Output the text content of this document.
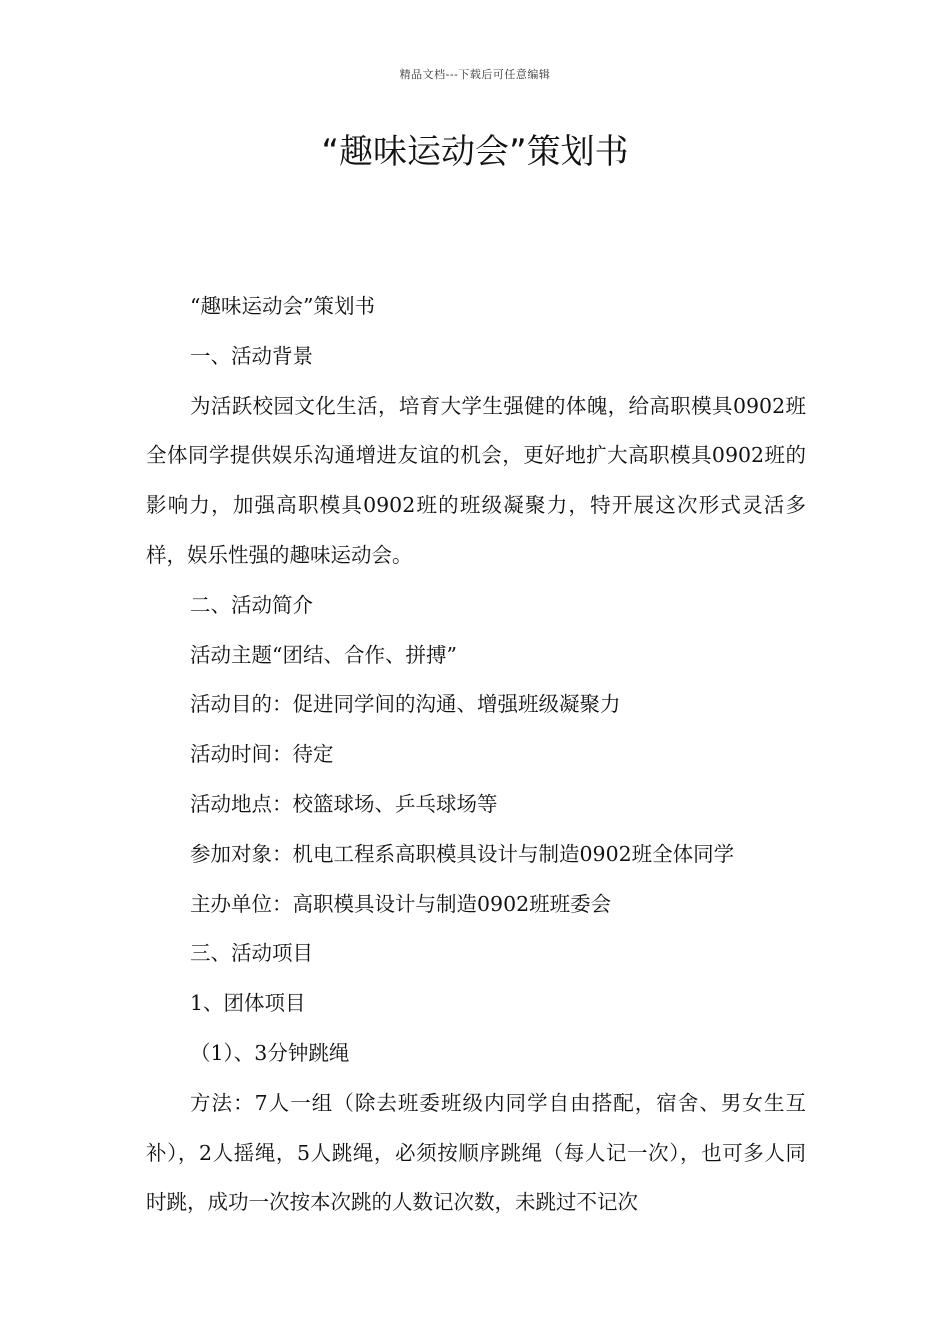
精品文档---下载后可任意编辑
“趣味运动会”策划书

“趣味运动会”策划书

一、活动背景

为活跃校园文化生活，培育大学生强健的体魄，给高职模具0902班全体同学提供娱乐沟通增进友谊的机会，更好地扩大高职模具0902班的影响力，加强高职模具0902班的班级凝聚力，特开展这次形式灵活多样，娱乐性强的趣味运动会。

二、活动简介

活动主题“团结、合作、拼搏”

活动目的：促进同学间的沟通、增强班级凝聚力

活动时间：待定

活动地点：校篮球场、乒乓球场等

参加对象：机电工程系高职模具设计与制造0902班全体同学

主办单位：高职模具设计与制造0902班班委会

三、活动项目

1、团体项目

（1）、3分钟跳绳

方法：7人一组（除去班委班级内同学自由搭配，宿舍、男女生互补），2人摇绳，5人跳绳，必须按顺序跳绳（每人记一次），也可多人同时跳，成功一次按本次跳的人数记次数，未跳过不记次
